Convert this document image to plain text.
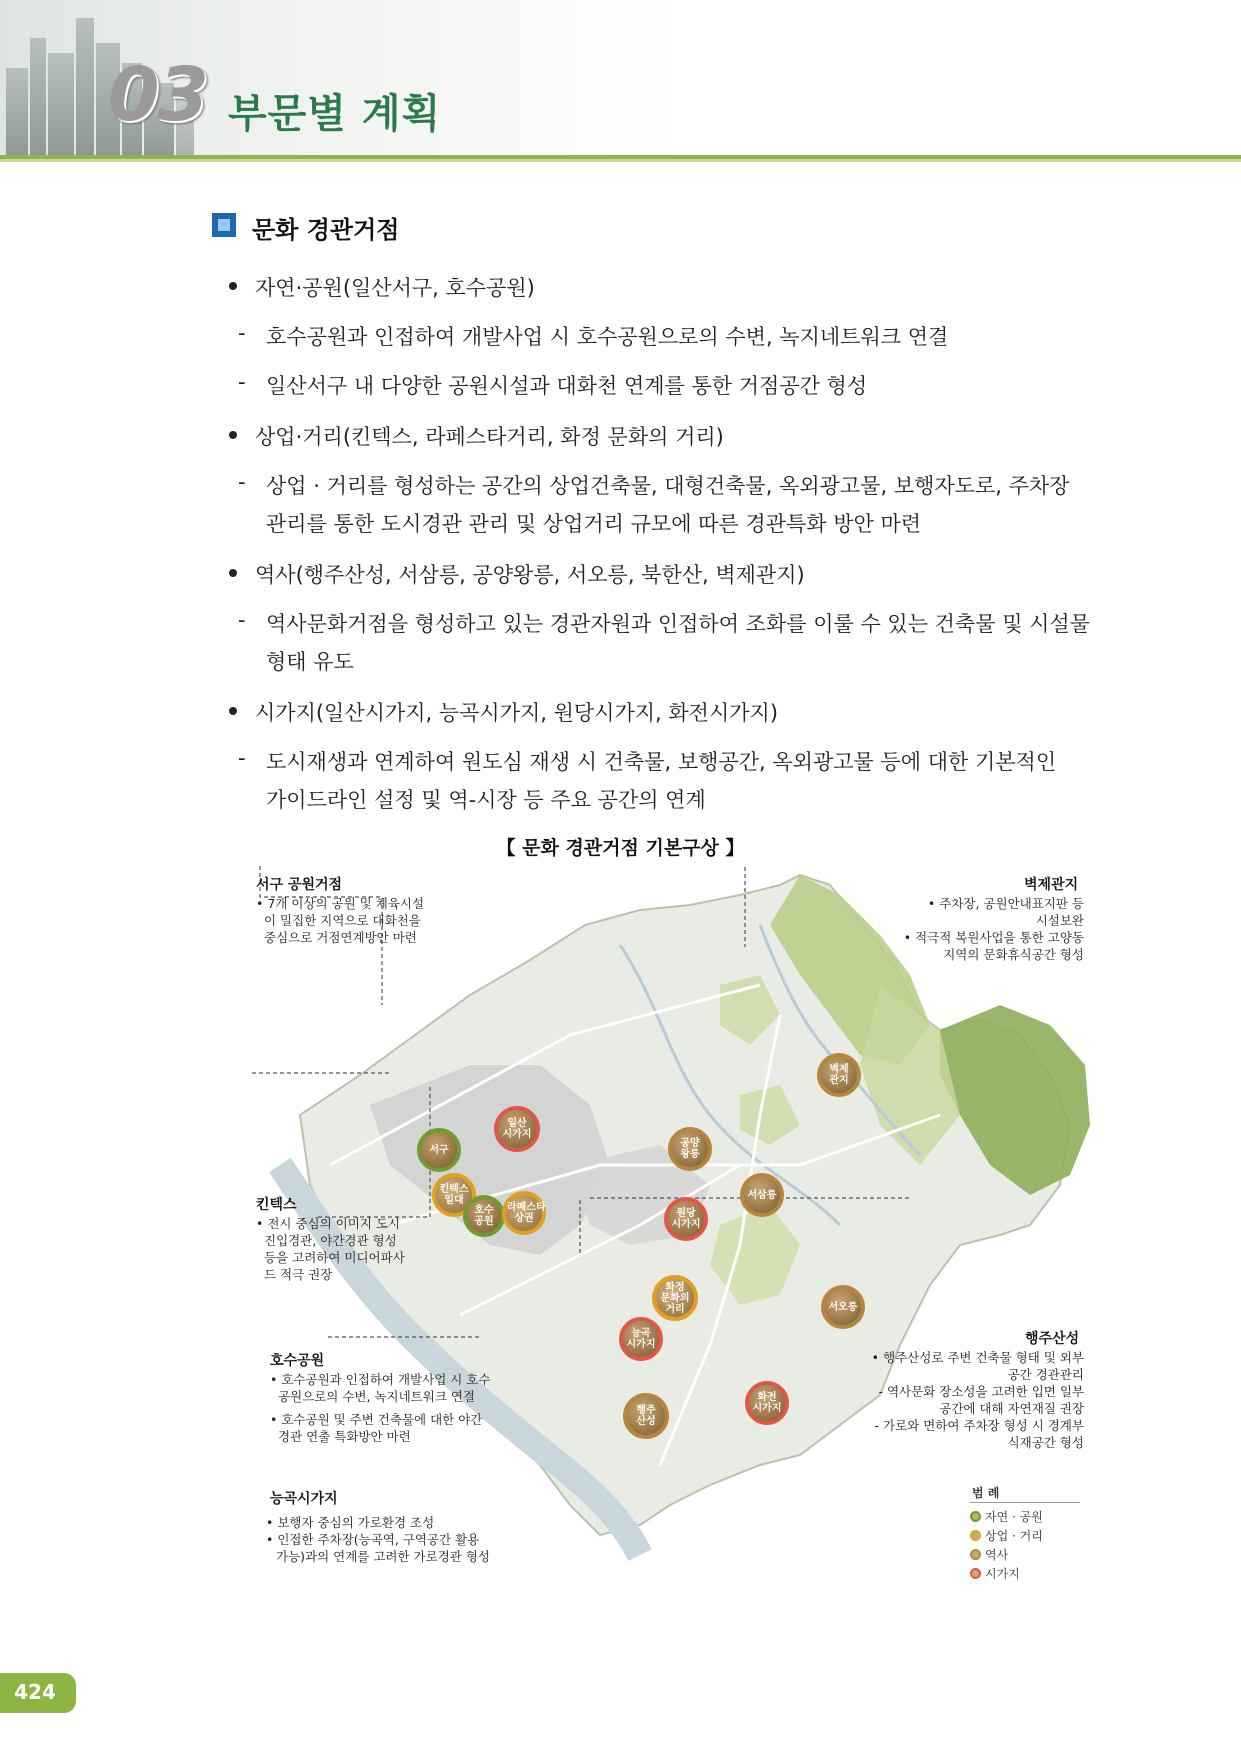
03 부문별 계획
문화 경관거점
자연·공원(일산서구, 호수공원)
- 호수공원과 인접하여 개발사업 시 호수공원으로의 수변, 녹지네트워크 연결
- 일산서구 내 다양한 공원시설과 대화천 연계를 통한 거점공간 형성
상업·거리(킨텍스, 라페스타거리, 화정 문화의 거리)
- 상업 · 거리를 형성하는 공간의 상업건축물, 대형건축물, 옥외광고물, 보행자도로, 주차장
관리를 통한 도시경관 관리 및 상업거리 규모에 따른 경관특화 방안 마련
역사(행주산성, 서삼릉, 공양왕릉, 서오릉, 북한산, 벽제관지)
- 역사문화거점을 형성하고 있는 경관자원과 인접하여 조화를 이룰 수 있는 건축물 및 시설물
형태 유도
시가지(일산시가지, 능곡시가지, 원당시가지, 화전시가지)
- 도시재생과 연계하여 원도심 재생 시 건축물, 보행공간, 옥외광고물 등에 대한 기본적인
가이드라인 설정 및 역-시장 등 주요 공간의 연계
【 문화 경관거점 기본구상 】
서구
일산 시가지
킨텍스 일대
호수 공원
라페스타 상권
공양 왕릉
서삼릉
원당 시가지
벽제 관지
화정 문화의 거리	서오릉
능곡 시가지
행주 산성
화전 시가지
서구 공원거점
• 7개 이상의 공원 및 체육시설
이 밀집한 지역으로 대화천을
중심으로 거점연계방안 마련
벽제관지
• 주차장, 공원안내표지판 등
시설보완
• 적극적 복원사업을 통한 고양동
지역의 문화휴식공간 형성
킨텍스
• 전시 중심의 이미지 도시
진입경관, 야간경관 형성
등을 고려하여 미디어파사
드 적극 권장
행주산성
• 행주산성로 주변 건축물 형태 및 외부
공간 경관관리
- 역사문화 장소성을 고려한 입면 일부
공간에 대해 자연재질 권장
- 가로와 면하여 주차장 형성 시 경계부
식재공간 형성
호수공원
• 호수공원과 인접하여 개발사업 시 호수
공원으로의 수변, 녹지네트워크 연결
• 호수공원 및 주변 건축물에 대한 야간
경관 연출 특화방안 마련
능곡시가지
• 보행자 중심의 가로환경 조성
• 인접한 주차장(능곡역, 구역공간 활용
가능)과의 연계를 고려한 가로경관 형성
범 례
자연 · 공원
상업 · 거리
역사
시가지
424
